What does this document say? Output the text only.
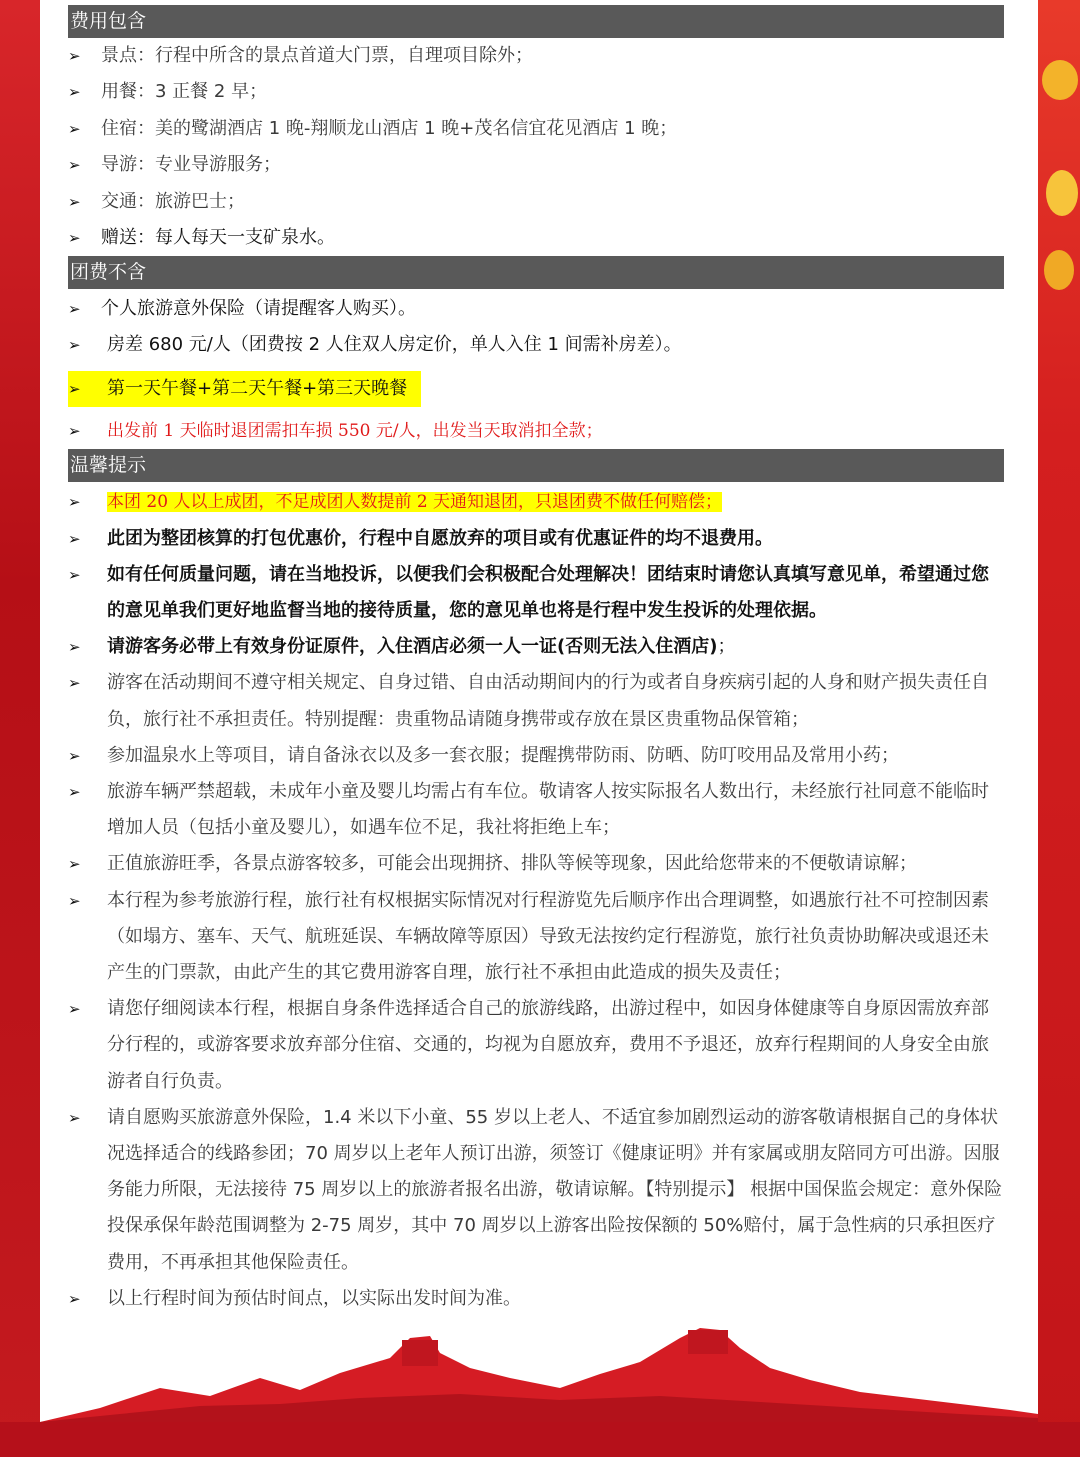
费用包含
➢ 景点：行程中所含的景点首道大门票，自理项目除外；
➢ 用餐：3 正餐 2 早；
➢ 住宿：美的鹭湖酒店 1 晚-翔顺龙山酒店 1 晚+茂名信宜花见酒店 1 晚；
➢ 导游：专业导游服务；
➢ 交通：旅游巴士；
➢ 赠送：每人每天一支矿泉水。
团费不含
➢ 个人旅游意外保险（请提醒客人购买）。
➢ 房差 680 元/人（团费按 2 人住双人房定价，单人入住 1 间需补房差）。
➢ 第一天午餐+第二天午餐+第三天晚餐
➢ 出发前 1 天临时退团需扣车损 550 元/人，出发当天取消扣全款；
温馨提示
➢ 本团 20 人以上成团，不足成团人数提前 2 天通知退团，只退团费不做任何赔偿；
➢ 此团为整团核算的打包优惠价，行程中自愿放弃的项目或有优惠证件的均不退费用。
➢ 如有任何质量问题，请在当地投诉，以便我们会积极配合处理解决！团结束时请您认真填写意见单，希望通过您的意见单我们更好地监督当地的接待质量，您的意见单也将是行程中发生投诉的处理依据。
➢ 请游客务必带上有效身份证原件，入住酒店必须一人一证(否则无法入住酒店)；
➢ 游客在活动期间不遵守相关规定、自身过错、自由活动期间内的行为或者自身疾病引起的人身和财产损失责任自负，旅行社不承担责任。特别提醒：贵重物品请随身携带或存放在景区贵重物品保管箱；
➢ 参加温泉水上等项目，请自备泳衣以及多一套衣服；提醒携带防雨、防晒、防叮咬用品及常用小药；
➢ 旅游车辆严禁超载，未成年小童及婴儿均需占有车位。敬请客人按实际报名人数出行，未经旅行社同意不能临时增加人员（包括小童及婴儿），如遇车位不足，我社将拒绝上车；
➢ 正值旅游旺季，各景点游客较多，可能会出现拥挤、排队等候等现象，因此给您带来的不便敬请谅解；
➢ 本行程为参考旅游行程，旅行社有权根据实际情况对行程游览先后顺序作出合理调整，如遇旅行社不可控制因素（如塌方、塞车、天气、航班延误、车辆故障等原因）导致无法按约定行程游览，旅行社负责协助解决或退还未产生的门票款，由此产生的其它费用游客自理，旅行社不承担由此造成的损失及责任；
➢ 请您仔细阅读本行程，根据自身条件选择适合自己的旅游线路，出游过程中，如因身体健康等自身原因需放弃部分行程的，或游客要求放弃部分住宿、交通的，均视为自愿放弃，费用不予退还，放弃行程期间的人身安全由旅游者自行负责。
➢ 请自愿购买旅游意外保险，1.4 米以下小童、55 岁以上老人、不适宜参加剧烈运动的游客敬请根据自己的身体状况选择适合的线路参团；70 周岁以上老年人预订出游，须签订《健康证明》并有家属或朋友陪同方可出游。因服务能力所限，无法接待 75 周岁以上的旅游者报名出游，敬请谅解。【特别提示】 根据中国保监会规定：意外保险投保承保年龄范围调整为 2-75 周岁，其中 70 周岁以上游客出险按保额的 50%赔付，属于急性病的只承担医疗费用，不再承担其他保险责任。
➢ 以上行程时间为预估时间点，以实际出发时间为准。
